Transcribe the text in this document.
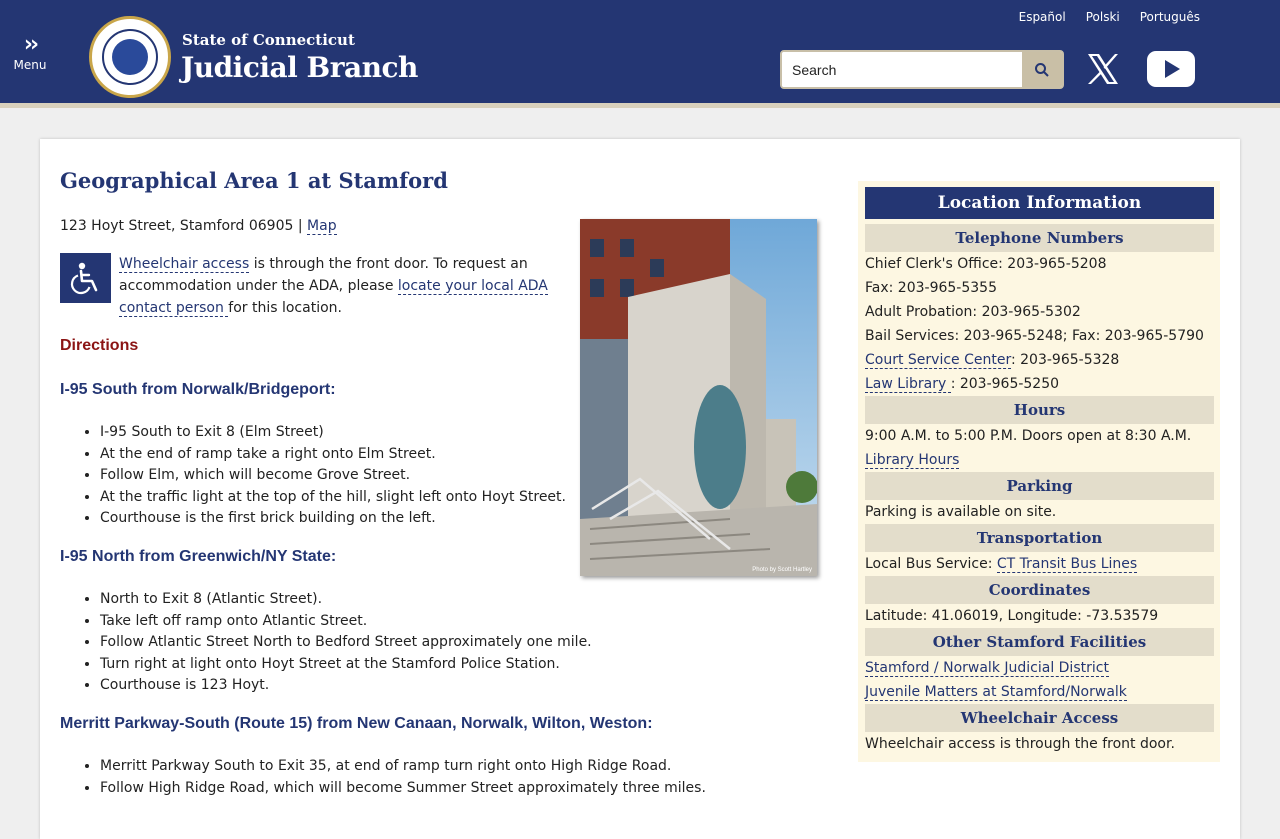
››
Menu
State of Connecticut
Judicial Branch
Español Polski Português
Search
Geographical Area 1 at Stamford
123 Hoyt Street, Stamford 06905 | Map
Wheelchair access is through the front door. To request an accommodation under the ADA, please locate your local ADA contact person for this location.
Photo by Scott Hartley
Directions
I-95 South from Norwalk/Bridgeport:
• I-95 South to Exit 8 (Elm Street)
• At the end of ramp take a right onto Elm Street.
• Follow Elm, which will become Grove Street.
• At the traffic light at the top of the hill, slight left onto Hoyt Street.
• Courthouse is the first brick building on the left.
I-95 North from Greenwich/NY State:
• North to Exit 8 (Atlantic Street).
• Take left off ramp onto Atlantic Street.
• Follow Atlantic Street North to Bedford Street approximately one mile.
• Turn right at light onto Hoyt Street at the Stamford Police Station.
• Courthouse is 123 Hoyt.
Merritt Parkway-South (Route 15) from New Canaan, Norwalk, Wilton, Weston:
• Merritt Parkway South to Exit 35, at end of ramp turn right onto High Ridge Road.
• Follow High Ridge Road, which will become Summer Street approximately three miles.
Location Information
Telephone Numbers
Chief Clerk's Office: 203-965-5208
Fax: 203-965-5355
Adult Probation: 203-965-5302
Bail Services: 203-965-5248; Fax: 203-965-5790
Court Service Center: 203-965-5328
Law Library : 203-965-5250
Hours
9:00 A.M. to 5:00 P.M. Doors open at 8:30 A.M.
Library Hours
Parking
Parking is available on site.
Transportation
Local Bus Service: CT Transit Bus Lines
Coordinates
Latitude: 41.06019, Longitude: -73.53579
Other Stamford Facilities
Stamford / Norwalk Judicial District
Juvenile Matters at Stamford/Norwalk
Wheelchair Access
Wheelchair access is through the front door.
